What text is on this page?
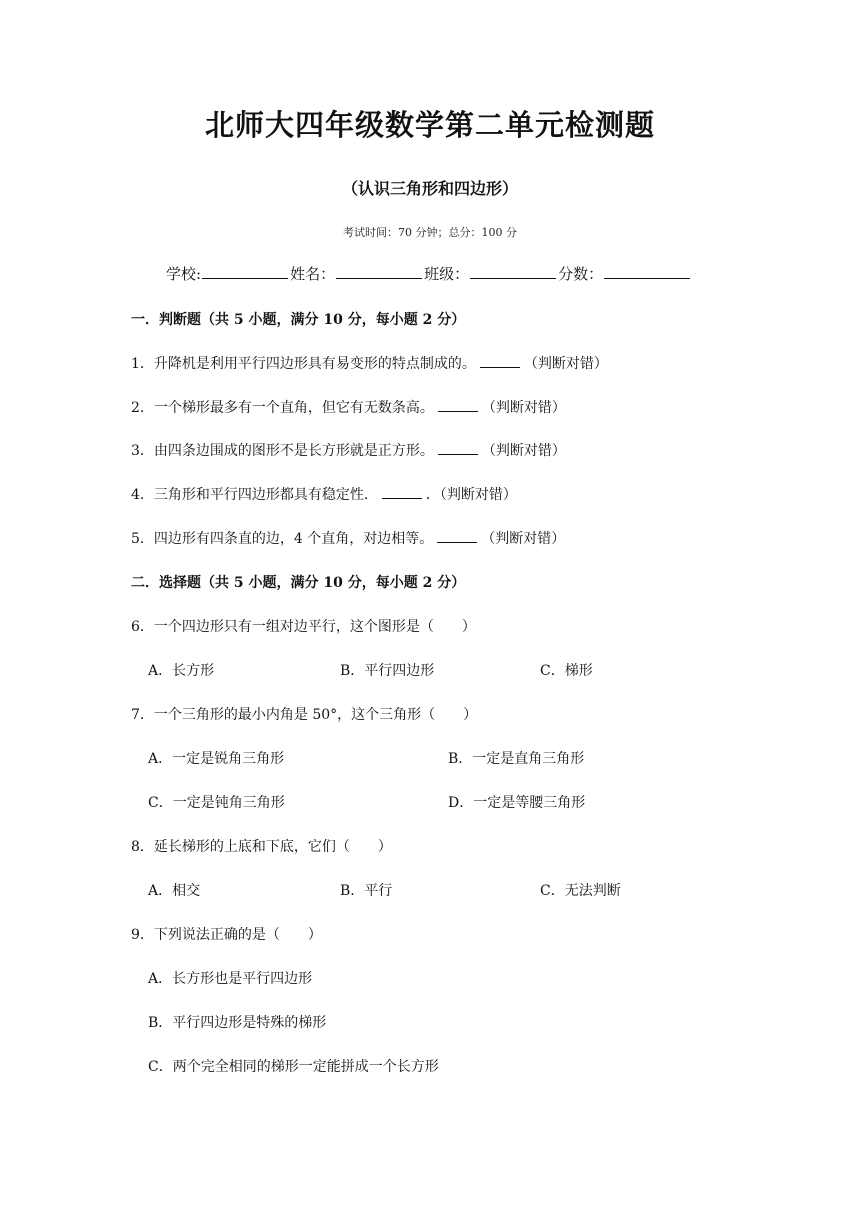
北师大四年级数学第二单元检测题
（认识三角形和四边形）
考试时间：70 分钟；总分：100 分
学校:	姓名：	班级：	分数：
一．判断题（共 5 小题，满分 10 分，每小题 2 分）
1．升降机是利用平行四边形具有易变形的特点制成的。	（判断对错）
2．一个梯形最多有一个直角，但它有无数条高。	（判断对错）
3．由四条边围成的图形不是长方形就是正方形。	（判断对错）
4．三角形和平行四边形都具有稳定性．	．（判断对错）
5．四边形有四条直的边，4 个直角，对边相等。	（判断对错）
二．选择题（共 5 小题，满分 10 分，每小题 2 分）
6．一个四边形只有一组对边平行，这个图形是（　　）
A．长方形	B．平行四边形	C．梯形
7．一个三角形的最小内角是 50°，这个三角形（　　）
A．一定是锐角三角形	B．一定是直角三角形
C．一定是钝角三角形	D．一定是等腰三角形
8．延长梯形的上底和下底，它们（　　）
A．相交	B．平行	C．无法判断
9．下列说法正确的是（　　）
A．长方形也是平行四边形
B．平行四边形是特殊的梯形
C．两个完全相同的梯形一定能拼成一个长方形
